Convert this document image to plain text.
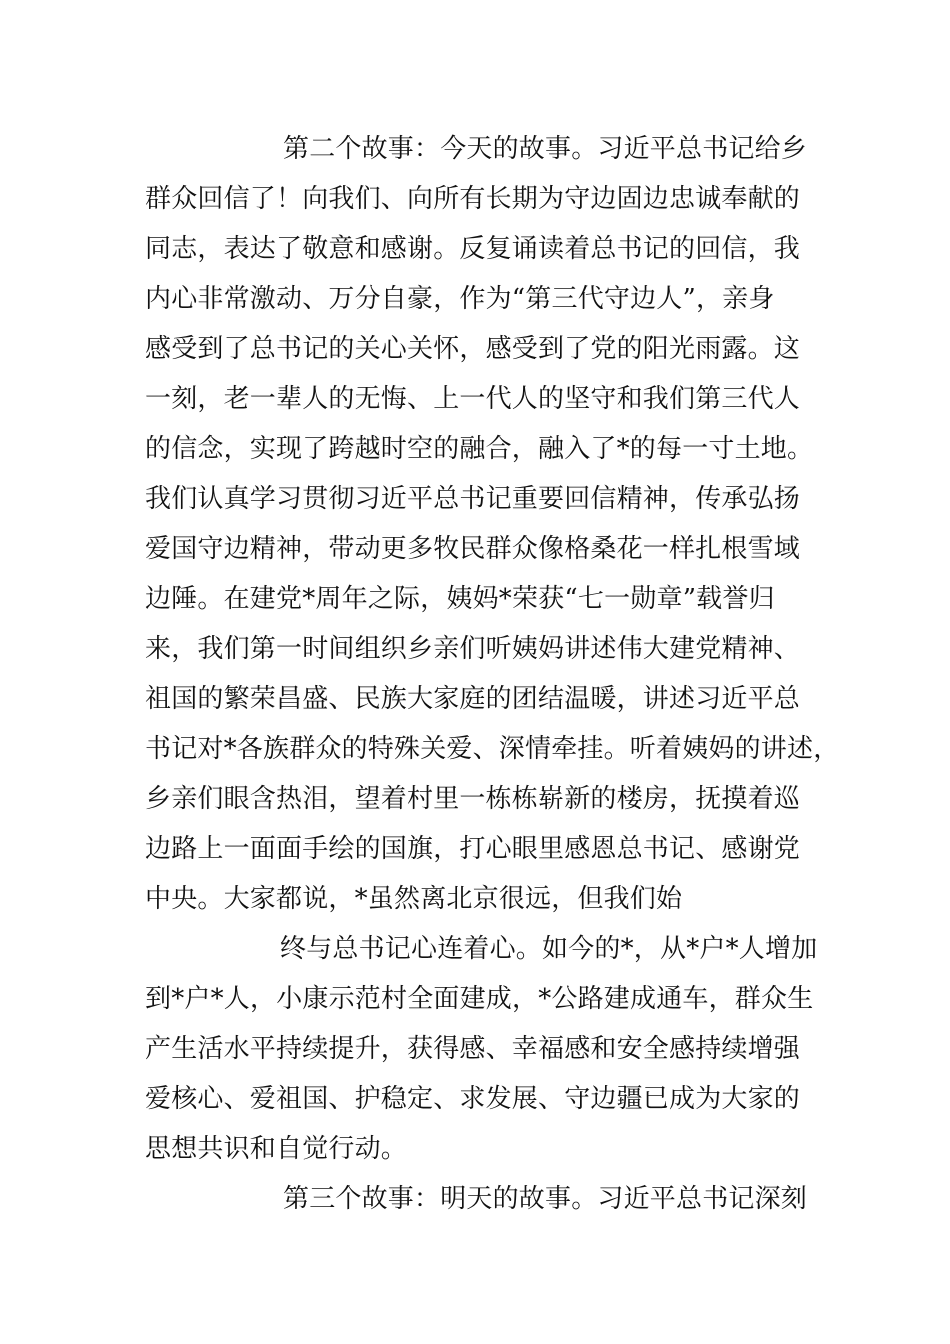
第二个故事：今天的故事。习近平总书记给乡
群众回信了！向我们、向所有长期为守边固边忠诚奉献的
同志，表达了敬意和感谢。反复诵读着总书记的回信，我
内心非常激动、万分自豪，作为“第三代守边人”，亲身
感受到了总书记的关心关怀，感受到了党的阳光雨露。这
一刻，老一辈人的无悔、上一代人的坚守和我们第三代人
的信念，实现了跨越时空的融合，融入了*的每一寸土地。
我们认真学习贯彻习近平总书记重要回信精神，传承弘扬
爱国守边精神，带动更多牧民群众像格桑花一样扎根雪域
边陲。在建党*周年之际，姨妈*荣获“七一勋章”载誉归
来，我们第一时间组织乡亲们听姨妈讲述伟大建党精神、
祖国的繁荣昌盛、民族大家庭的团结温暖，讲述习近平总
书记对*各族群众的特殊关爱、深情牵挂。听着姨妈的讲述，
乡亲们眼含热泪，望着村里一栋栋崭新的楼房，抚摸着巡
边路上一面面手绘的国旗，打心眼里感恩总书记、感谢党
中央。大家都说，*虽然离北京很远，但我们始
终与总书记心连着心。如今的*，从*户*人增加
到*户*人，小康示范村全面建成，*公路建成通车，群众生
产生活水平持续提升，获得感、幸福感和安全感持续增强
爱核心、爱祖国、护稳定、求发展、守边疆已成为大家的
思想共识和自觉行动。
第三个故事：明天的故事。习近平总书记深刻
